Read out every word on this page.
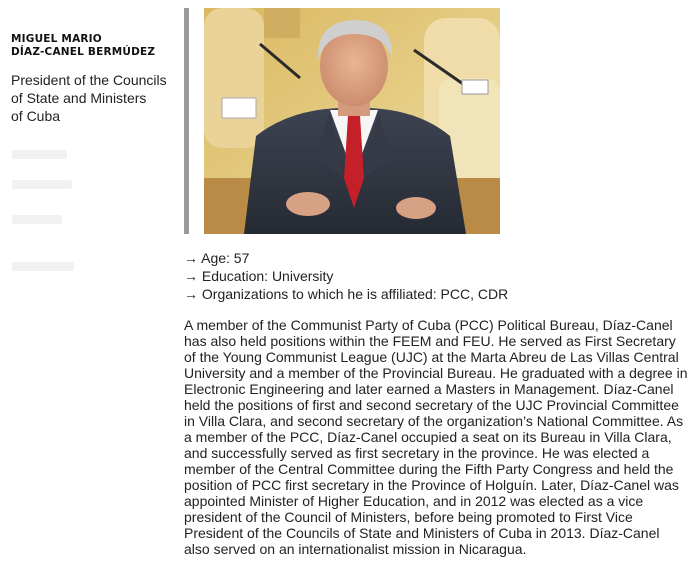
MIGUEL MARIO
DÍAZ-CANEL BERMÚDEZ
President of the Councils
of State and Ministers
of Cuba
→ Age: 57
→ Education: University
→ Organizations to which he is affiliated: PCC, CDR
A member of the Communist Party of Cuba (PCC) Political Bureau, Díaz-Canel
has also held positions within the FEEM and FEU. He served as First Secretary
of the Young Communist League (UJC) at the Marta Abreu de Las Villas Central
University and a member of the Provincial Bureau. He graduated with a degree in
Electronic Engineering and later earned a Masters in Management. Díaz-Canel
held the positions of first and second secretary of the UJC Provincial Committee
in Villa Clara, and second secretary of the organization’s National Committee. As
a member of the PCC, Díaz-Canel occupied a seat on its Bureau in Villa Clara,
and successfully served as first secretary in the province. He was elected a
member of the Central Committee during the Fifth Party Congress and held the
position of PCC first secretary in the Province of Holguín. Later, Díaz-Canel was
appointed Minister of Higher Education, and in 2012 was elected as a vice
president of the Council of Ministers, before being promoted to First Vice
President of the Councils of State and Ministers of Cuba in 2013. Díaz-Canel
also served on an internationalist mission in Nicaragua.
